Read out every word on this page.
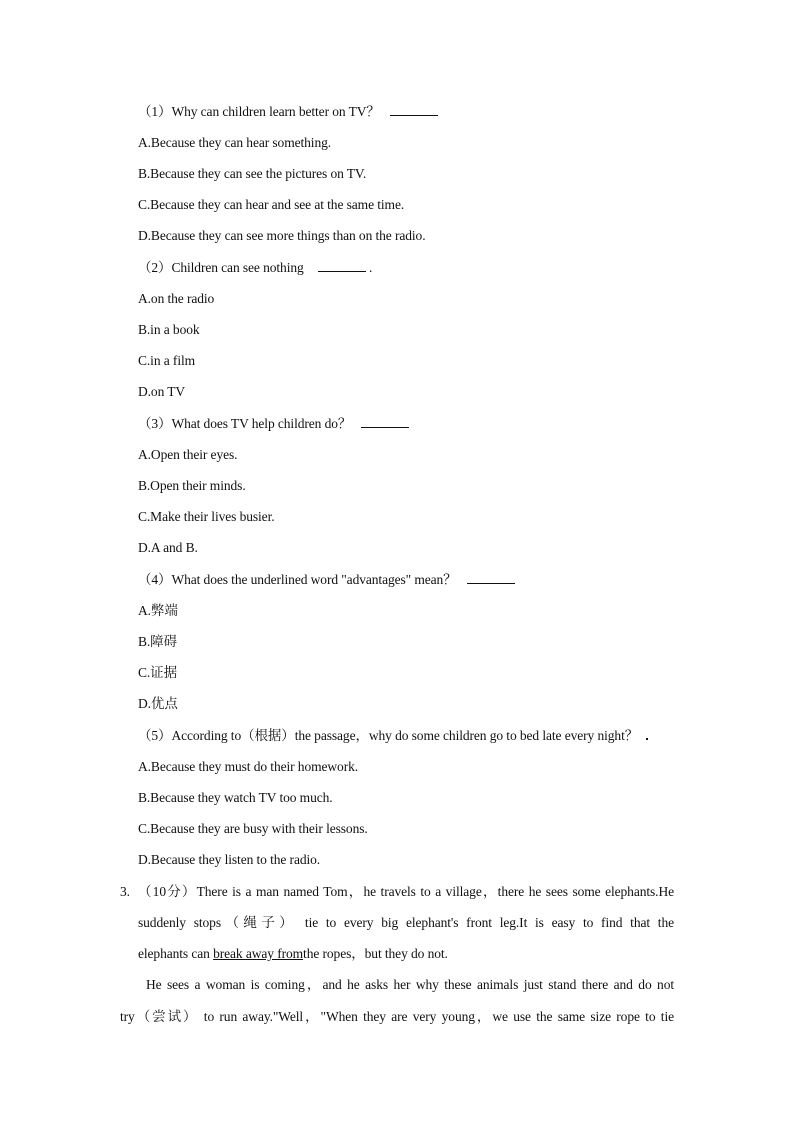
（1）Why can children learn better on TV？
A.Because they can hear something.
B.Because they can see the pictures on TV.
C.Because they can hear and see at the same time.
D.Because they can see more things than on the radio.
（2）Children can see nothing	.
A.on the radio
B.in a book
C.in a film
D.on TV
（3）What does TV help children do？
A.Open their eyes.
B.Open their minds.
C.Make their lives busier.
D.A and B.
（4）What does the underlined word "advantages" mean？
A.弊端
B.障碍
C.证据
D.优点
（5）According to（根据）the passage，why do some children go to bed late every night？
A.Because they must do their homework.
B.Because they watch TV too much.
C.Because they are busy with their lessons.
D.Because they listen to the radio.
3. （10分）There is a man named Tom，he travels to a village，there he sees some elephants.He
suddenly stops（绳子） tie to every big elephant's front leg.It is easy to find that the
elephants can break away fromthe ropes，but they do not.
He sees a woman is coming，and he asks her why these animals just stand there and do not
try（尝试） to run away."Well，"When they are very young，we use the same size rope to tie
